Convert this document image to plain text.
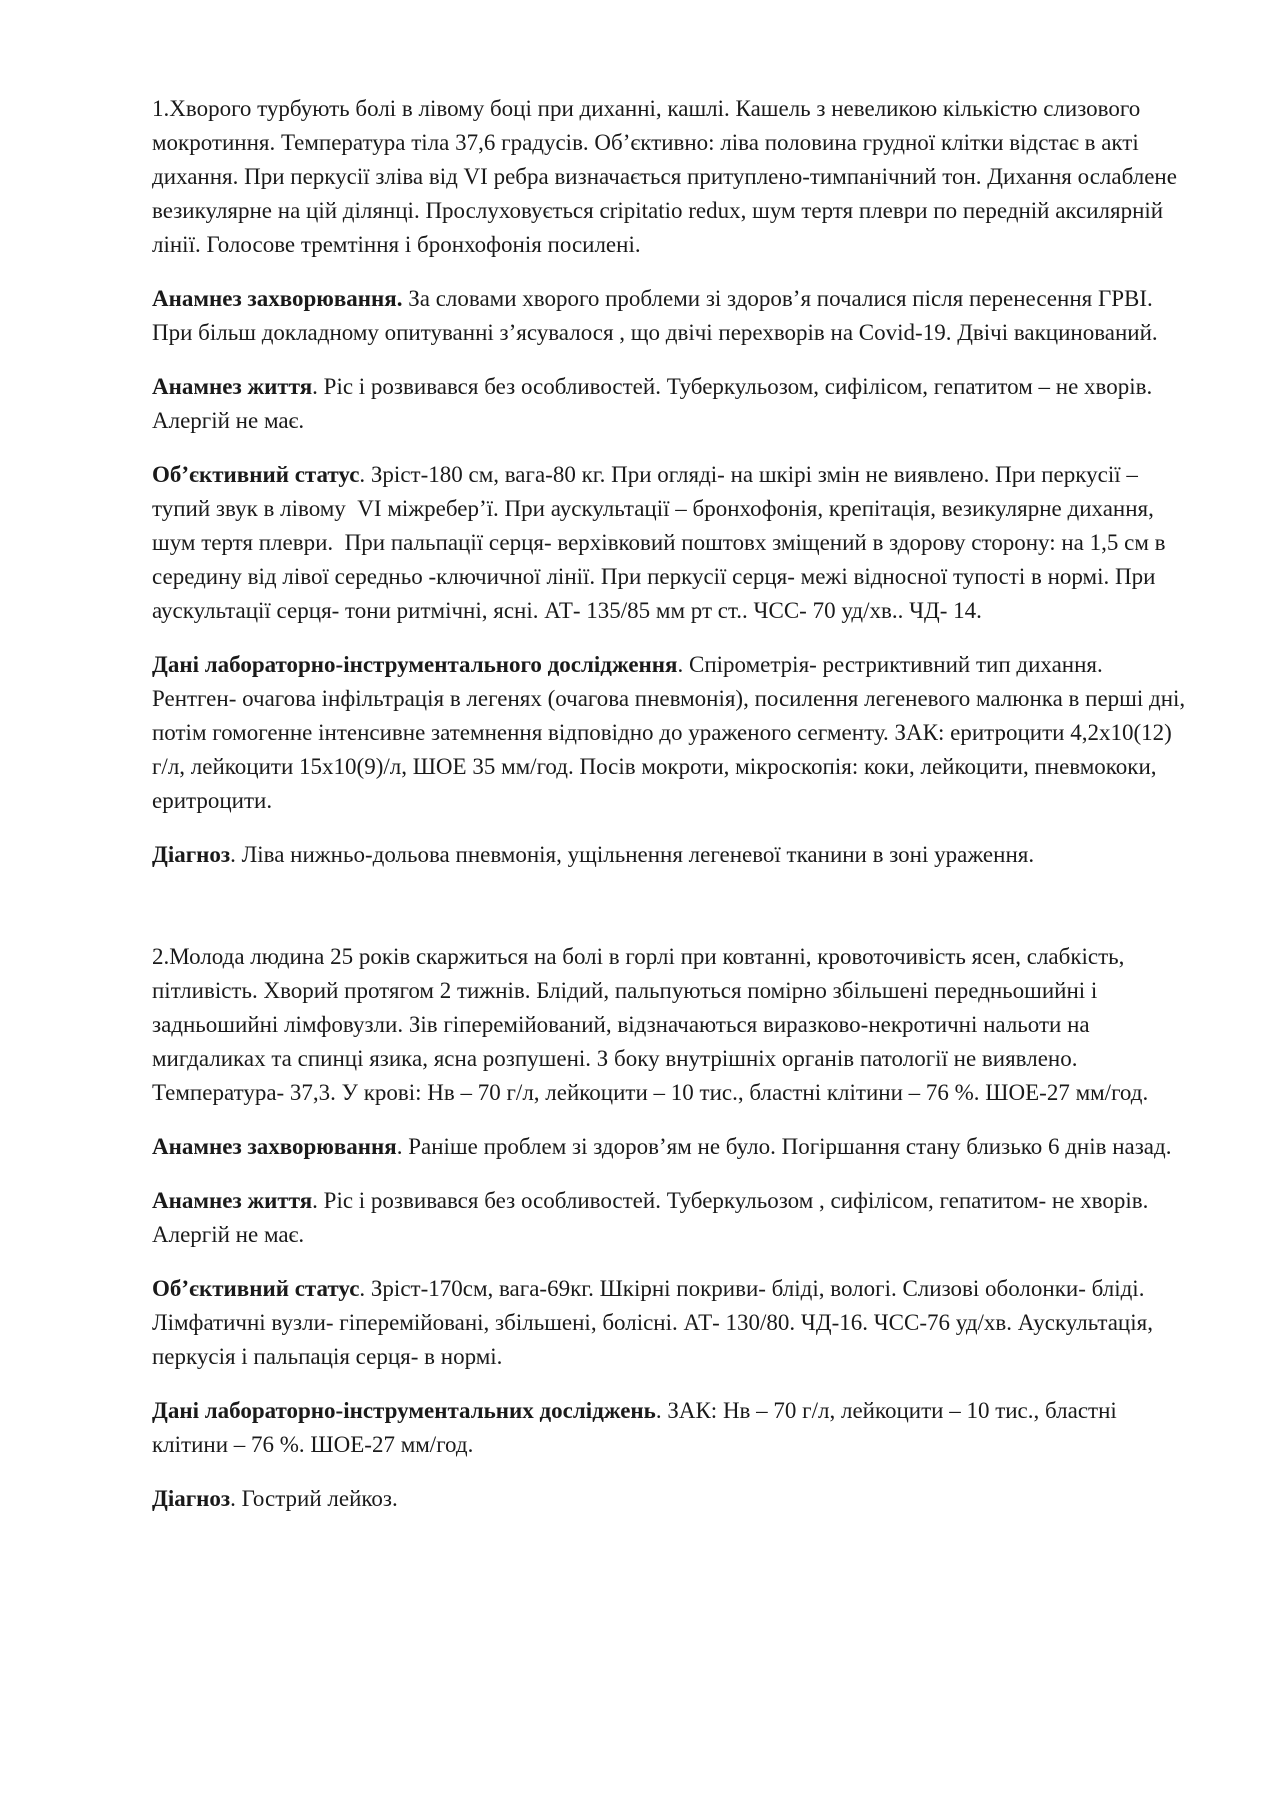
1.Хворого турбують болі в лівому боці при диханні, кашлі. Кашель з невеликою кількістю слизового мокротиння. Температура тіла 37,6 градусів. Об’єктивно: ліва половина грудної клітки відстає в акті дихання. При перкусії зліва від VI ребра визначається притуплено-тимпанічний тон. Дихання ослаблене везикулярне на цій ділянці. Прослуховується cripitatio redux, шум тертя плеври по передній аксилярній лінії. Голосове тремтіння і бронхофонія посилені.

Анамнез захворювання. За словами хворого проблеми зі здоров’я почалися після перенесення ГРВІ. При більш докладному опитуванні з’ясувалося , що двічі перехворів на Covid-19. Двічі вакцинований.

Анамнез життя. Ріс і розвивався без особливостей. Туберкульозом, сифілісом, гепатитом – не хворів. Алергій не має.

Об’єктивний статус. Зріст-180 см, вага-80 кг. При огляді- на шкірі змін не виявлено. При перкусії – тупий звук в лівому  VI міжребер’ї. При аускультації – бронхофонія, крепітація, везикулярне дихання, шум тертя плеври.  При пальпації серця- верхівковий поштовх зміщений в здорову сторону: на 1,5 см в середину від лівої середньо -ключичної лінії. При перкусії серця- межі відносної тупості в нормі. При аускультації серця- тони ритмічні, ясні. АТ- 135/85 мм рт ст.. ЧСС- 70 уд/хв.. ЧД- 14.

Дані лабораторно-інструментального дослідження. Спірометрія- рестриктивний тип дихання. Рентген- очагова інфільтрація в легенях (очагова пневмонія), посилення легеневого малюнка в перші дні, потім гомогенне інтенсивне затемнення відповідно до ураженого сегменту. ЗАК: еритроцити 4,2х10(12) г/л, лейкоцити 15х10(9)/л, ШОЕ 35 мм/год. Посів мокроти, мікроскопія: коки, лейкоцити, пневмококи, еритроцити.

Діагноз. Ліва нижньо-дольова пневмонія, ущільнення легеневої тканини в зоні ураження.

2.Молода людина 25 років скаржиться на болі в горлі при ковтанні, кровоточивість ясен, слабкість, пітливість. Хворий протягом 2 тижнів. Блідий, пальпуються помірно збільшені передньошийні і задньошийні лімфовузли. Зів гіперемійований, відзначаються виразково-некротичні нальоти на мигдаликах та спинці язика, ясна розпушені. З боку внутрішніх органів патології не виявлено. Температура- 37,3. У крові: Нв – 70 г/л, лейкоцити – 10 тис., бластні клітини – 76 %. ШОЕ-27 мм/год.

Анамнез захворювання. Раніше проблем зі здоров’ям не було. Погіршання стану близько 6 днів назад.

Анамнез життя. Ріс і розвивався без особливостей. Туберкульозом , сифілісом, гепатитом- не хворів. Алергій не має.

Об’єктивний статус. Зріст-170см, вага-69кг. Шкірні покриви- бліді, вологі. Слизові оболонки- бліді. Лімфатичні вузли- гіперемійовані, збільшені, болісні. АТ- 130/80. ЧД-16. ЧСС-76 уд/хв. Аускультація, перкусія і пальпація серця- в нормі.

Дані лабораторно-інструментальних досліджень. ЗАК: Нв – 70 г/л, лейкоцити – 10 тис., бластні клітини – 76 %. ШОЕ-27 мм/год.

Діагноз. Гострий лейкоз.
